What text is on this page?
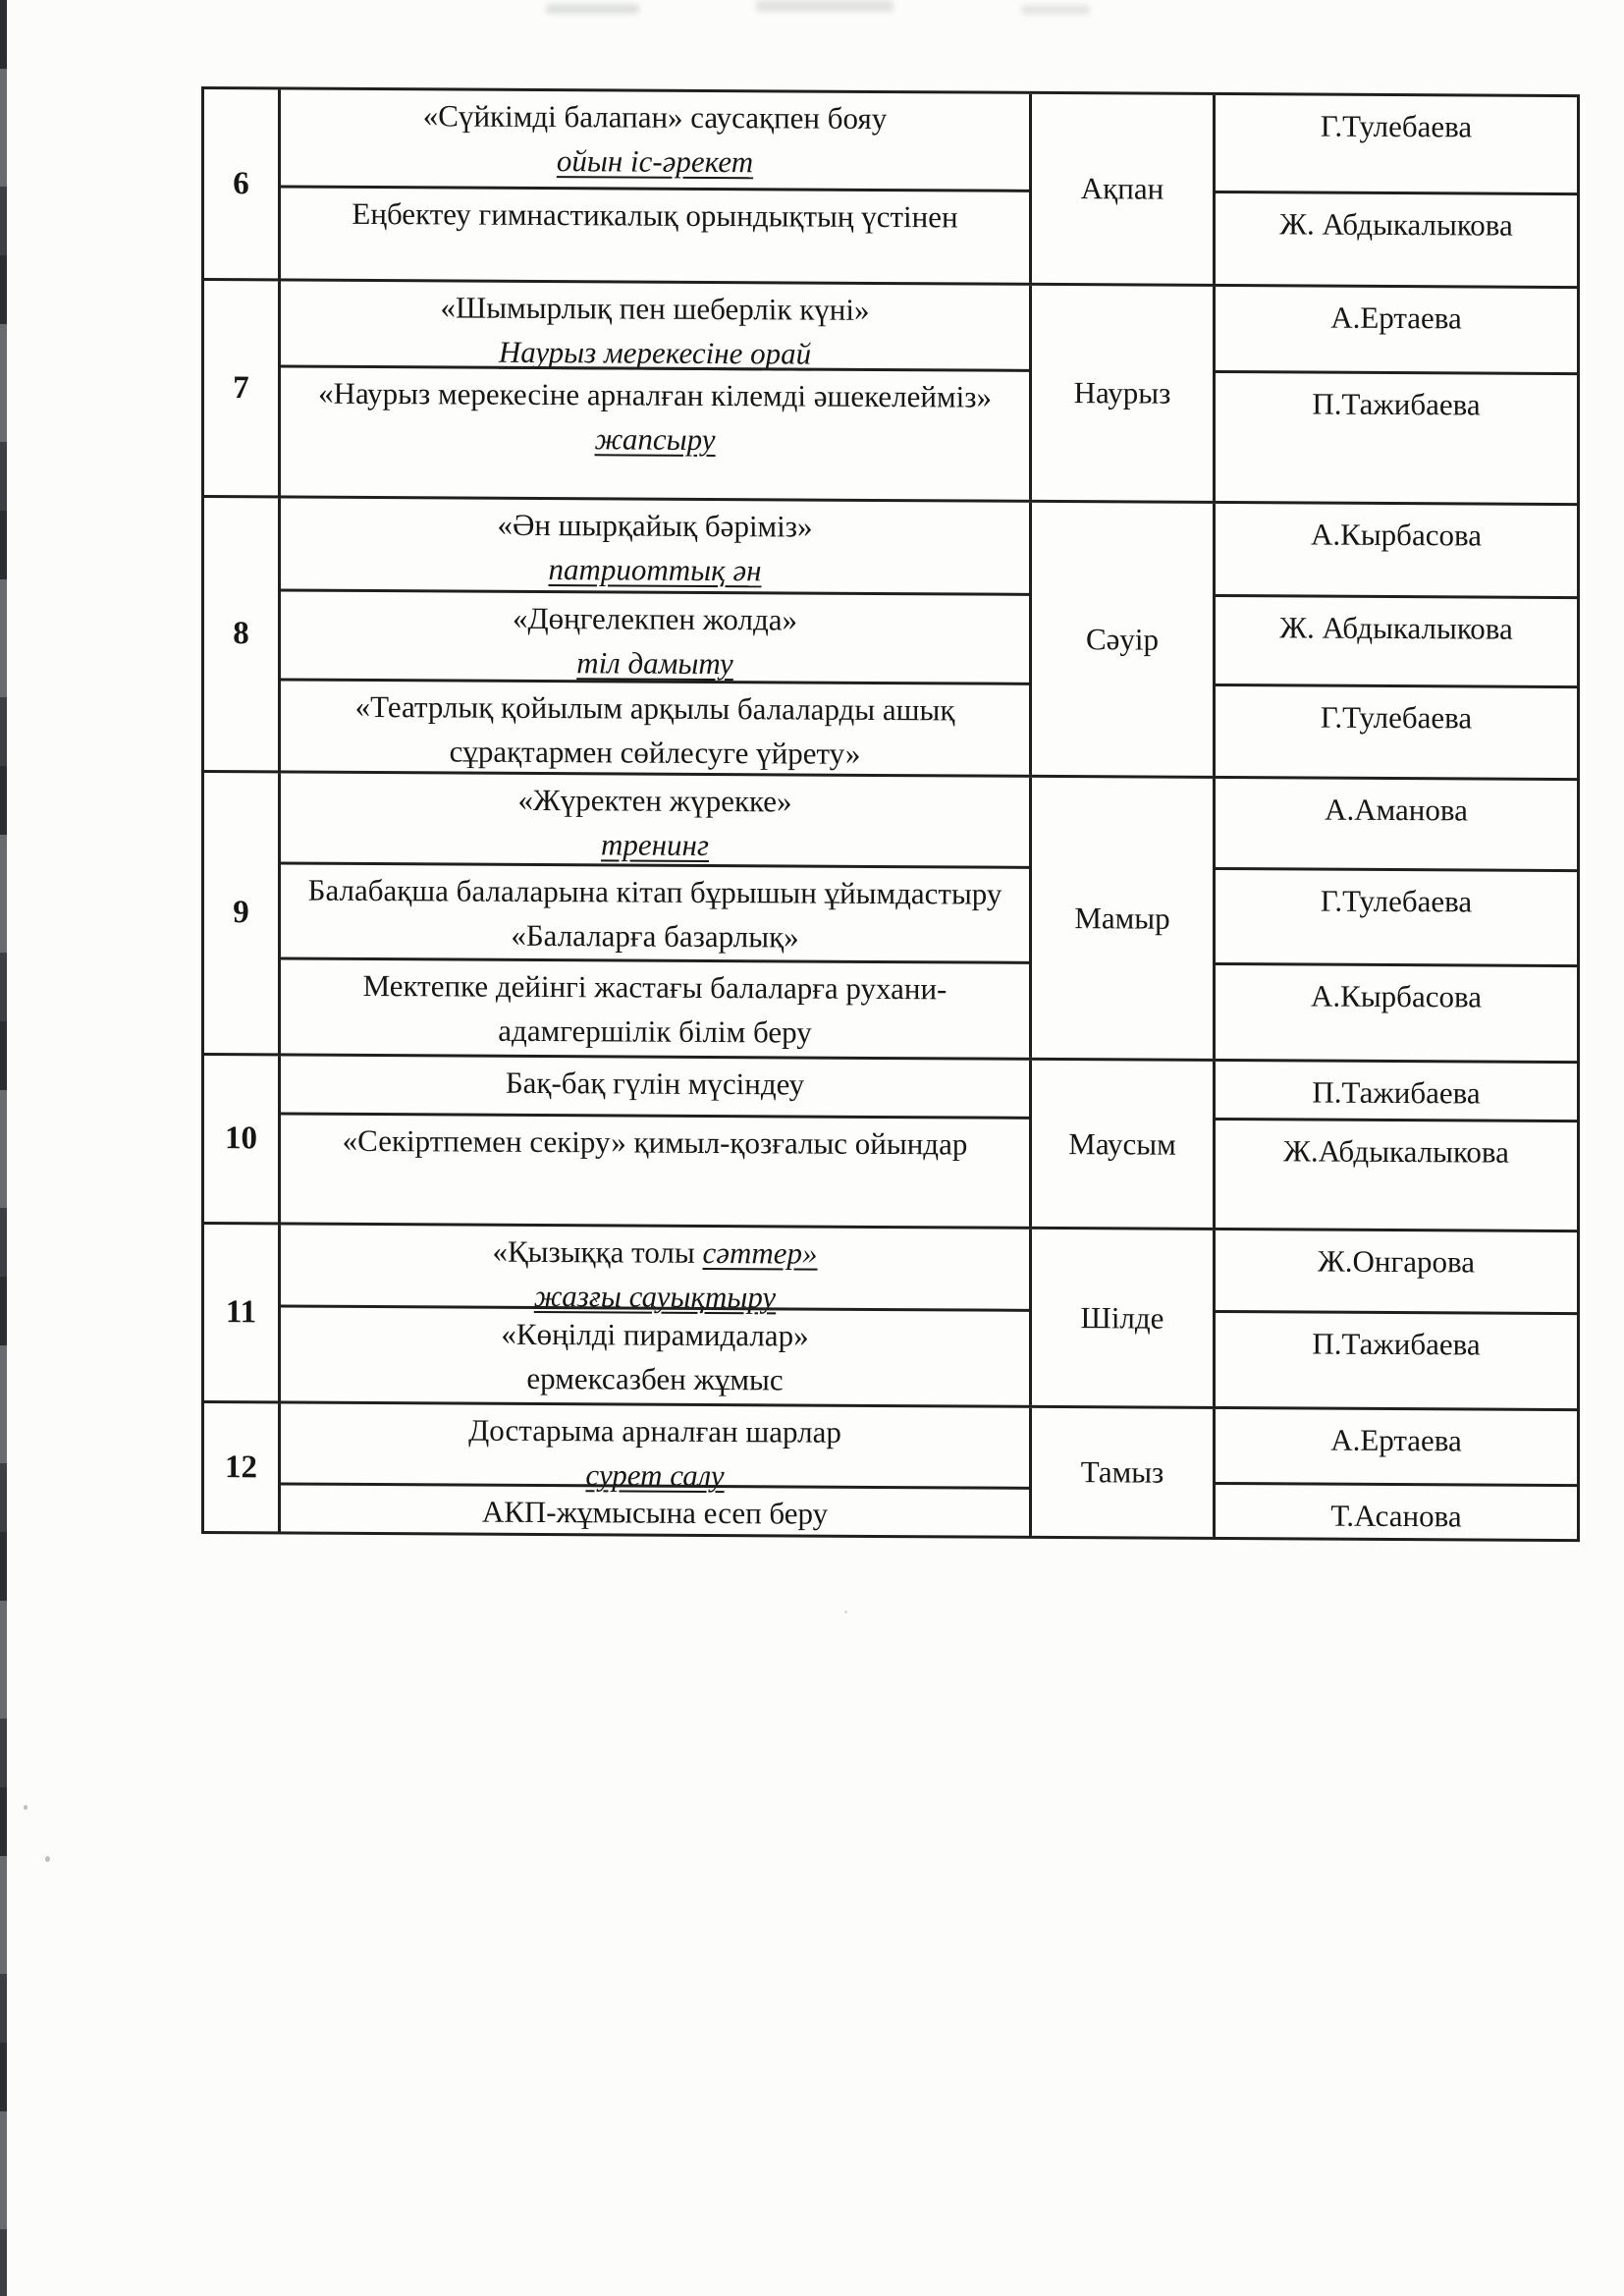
6
«Сүйкімді балапан» саусақпен бояу
ойын іс-әрекет
Еңбектеу гимнастикалық орындықтың үстінен
Ақпан
Г.Тулебаева
Ж. Абдыкалыкова
7
«Шымырлық пен шеберлік күні»
Наурыз мерекесіне орай
«Наурыз мерекесіне арналған кілемді әшекелейміз»
жапсыру
Наурыз
А.Ертаева
П.Тажибаева
8
«Ән шырқайық бәріміз»
патриоттық ән
«Дөңгелекпен жолда»
тіл дамыту
«Театрлық қойылым арқылы балаларды ашық сұрақтармен сөйлесуге үйрету»
Сәуір
А.Кырбасова
Ж. Абдыкалыкова
Г.Тулебаева
9
«Жүректен жүрекке»
тренинг
Балабақша балаларына кітап бұрышын ұйымдастыру «Балаларға базарлық»
Мектепке дейінгі жастағы балаларға рухани-адамгершілік білім беру
Мамыр
А.Аманова
Г.Тулебаева
А.Кырбасова
10
Бақ-бақ гүлін мүсіндеу
«Секіртпемен секіру» қимыл-қозғалыс ойындар	Маусым
П.Тажибаева
Ж.Абдыкалыкова
11
«Қызыққа толы сәттер»
жазғы сауықтыру
«Көңілді пирамидалар»
ермексазбен жұмыс
Шілде
Ж.Онгарова
П.Тажибаева
12
Достарыма арналған шарлар
сурет салу
АКП-жұмысына есеп беру
Тамыз
А.Ертаева
Т.Асанова
